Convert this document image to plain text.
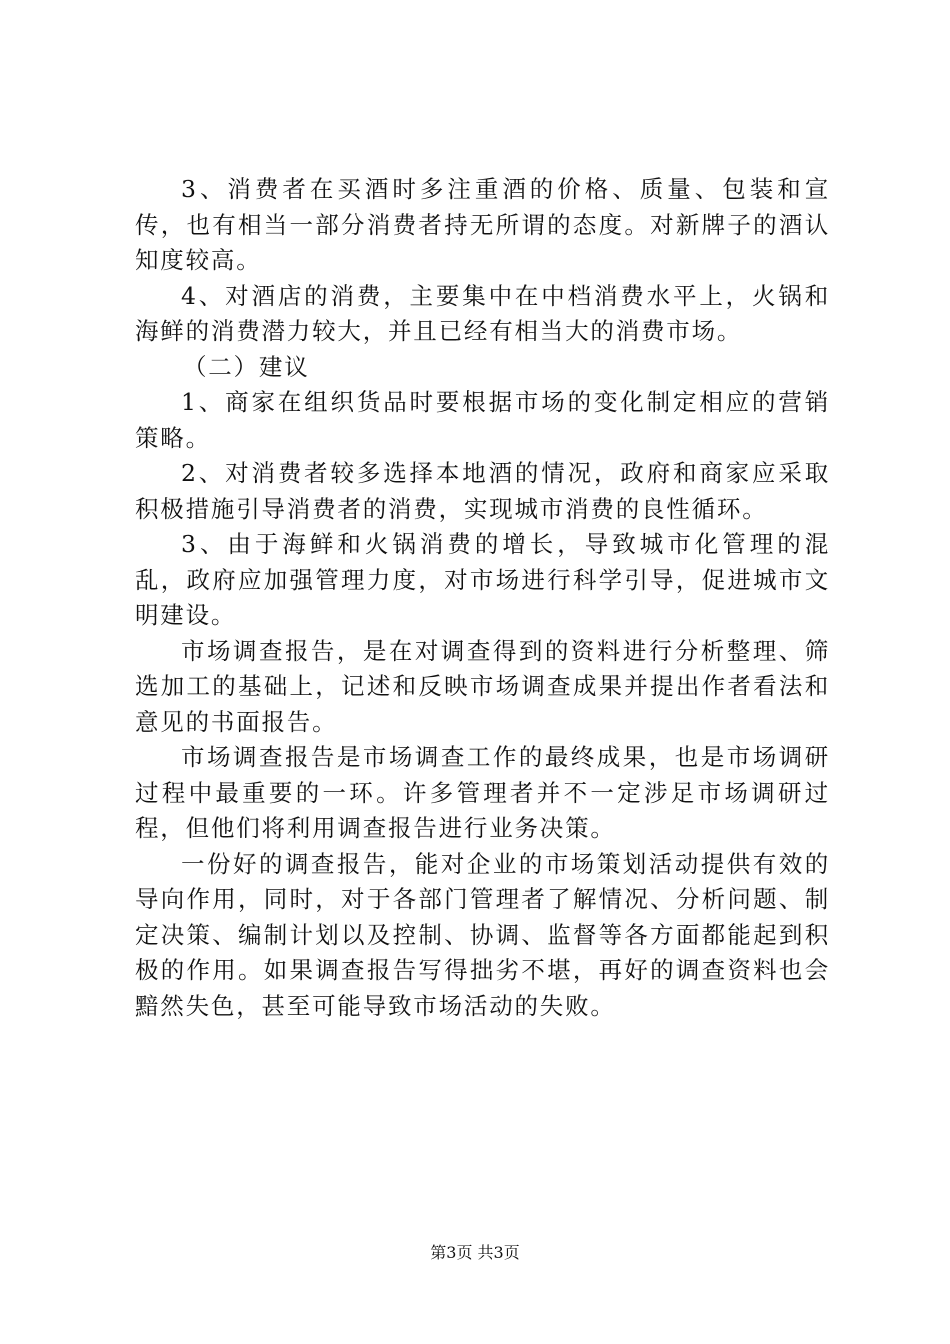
3、消费者在买酒时多注重酒的价格、质量、包装和宣传，也有相当一部分消费者持无所谓的态度。对新牌子的酒认知度较高。

4、对酒店的消费，主要集中在中档消费水平上，火锅和海鲜的消费潜力较大，并且已经有相当大的消费市场。

（二）建议

1、商家在组织货品时要根据市场的变化制定相应的营销策略。

2、对消费者较多选择本地酒的情况，政府和商家应采取积极措施引导消费者的消费，实现城市消费的良性循环。

3、由于海鲜和火锅消费的增长，导致城市化管理的混乱，政府应加强管理力度，对市场进行科学引导，促进城市文明建设。

市场调查报告，是在对调查得到的资料进行分析整理、筛选加工的基础上，记述和反映市场调查成果并提出作者看法和意见的书面报告。

市场调查报告是市场调查工作的最终成果，也是市场调研过程中最重要的一环。许多管理者并不一定涉足市场调研过程，但他们将利用调查报告进行业务决策。

一份好的调查报告，能对企业的市场策划活动提供有效的导向作用，同时，对于各部门管理者了解情况、分析问题、制定决策、编制计划以及控制、协调、监督等各方面都能起到积极的作用。如果调查报告写得拙劣不堪，再好的调查资料也会黯然失色，甚至可能导致市场活动的失败。

第3页 共3页
